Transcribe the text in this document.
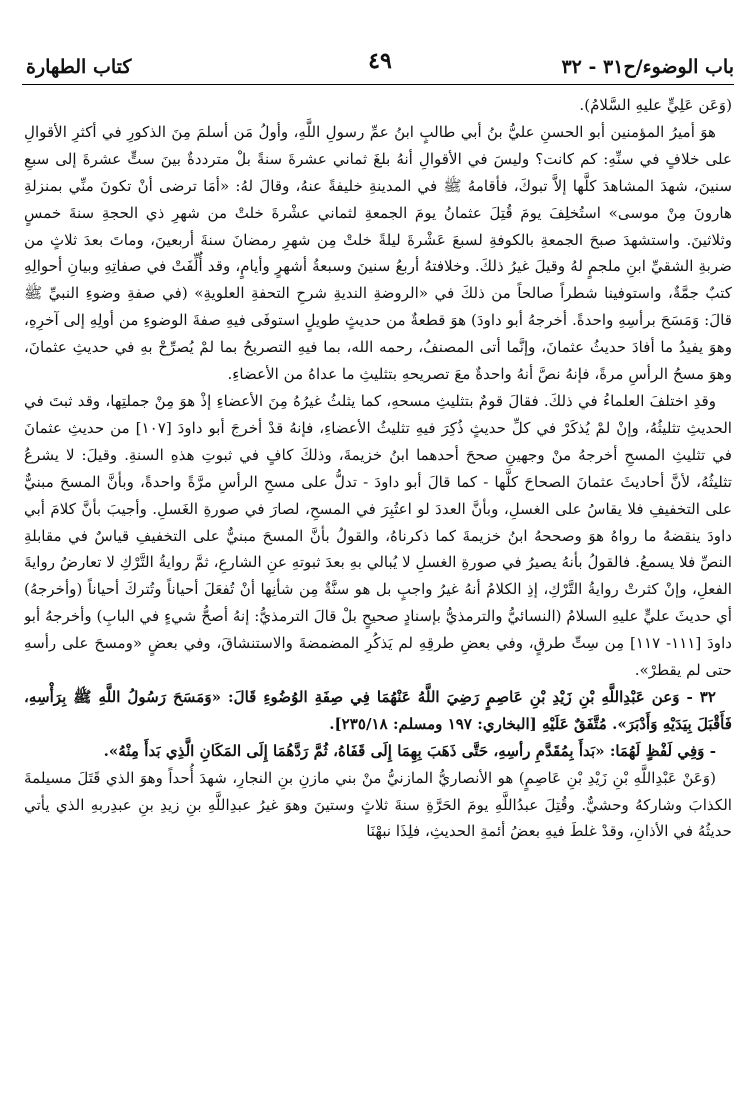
كتاب الطهارة	٤٩	باب الوضوء/ح٣١ - ٣٢

(وَعَن عَلِيٍّ عليهِ السَّلامُ).

هوَ أميرُ المؤمنين أبو الحسنِ عليُّ بنُ أبي طالبٍ ابنُ عمِّ رسولِ اللَّهِ، وأولُ مَن أسلمَ مِنَ الذكورِ في أكثرِ الأقوالِ على خلافٍ في سنِّهِ: كم كانت؟ وليسَ في الأقوالِ أنهُ بلغَ ثماني عشرةَ سنةً بلْ مترددةٌ بينَ ستٍّ عشرةَ إلى سبعِ سنينَ، شهدَ المشاهدَ كلَّها إلاَّ تبوكَ، فأقامهُ ﷺ في المدينةِ خليفةً عنهُ، وقالَ لهُ: «أمَا ترضى أنْ تكونَ منِّي بمنزلةِ هارونَ مِنْ موسى» استُخلِفَ يومَ قُتِلَ عثمانُ يومَ الجمعةِ لثماني عشْرةَ خلتْ من شهرِ ذي الحجةِ سنةَ خمسٍ وثلاثينَ. واستشهدَ صبحَ الجمعةِ بالكوفةِ لسبعَ عَشْرةَ ليلةً خلتْ مِن شهرِ رمضانَ سنةَ أربعينَ، وماتَ بعدَ ثلاثٍ من ضربةِ الشقيِّ ابنِ ملجمٍ لهُ وقيلَ غيرُ ذلكَ. وخلافتهُ أربعُ سنينَ وسبعةُ أشهرٍ وأيامٍ، وقد أُلِّفَتْ في صفاتِهِ وبيانِ أحوالِهِ كتبٌ جمَّةٌ، واستوفينا شطراً صالحاً من ذلكَ في «الروضةِ النديةِ شرحِ التحفةِ العلويةِ» (في صفةِ وضوءِ النبيِّ ﷺ قالَ: وَمَسَحَ برأسِهِ واحدةً. أخرجهُ أبو داودَ) هوَ قطعةٌ من حديثٍ طويلٍ استوفَى فيهِ صفةَ الوضوءِ من أولِهِ إلى آخرِهِ، وهوَ يفيدُ ما أفادَ حديثُ عثمانَ، وإنَّما أتى المصنفُ، رحمه الله، بما فيهِ التصريحُ بما لمْ يُصرِّحْ بهِ في حديثِ عثمانَ، وهوَ مسحُ الرأسِ مرةً، فإنهُ نصَّ أنهُ واحدةٌ معَ تصريحهِ بتثليثِ ما عداهُ من الأعضاءِ.

وقدِ اختلفَ العلماءُ في ذلكَ. فقالَ قومٌ بتثليثِ مسحهِ، كما يثلثُ غيرُهُ مِنَ الأعضاءِ إذْ هوَ مِنْ جملتِها، وقد ثبتَ في الحديثِ تثليثُهُ، وإنْ لمْ يُذكَرْ في كلِّ حديثٍ ذُكِرَ فيهِ تثليثُ الأعضاءِ، فإنهُ قدْ أخرجَ أبو داودَ [١٠٧] من حديثِ عثمانَ في تثليثِ المسحِ أخرجهُ منْ وجهينِ صححَ أحدهما ابنُ خزيمةَ، وذلكَ كافٍ في ثبوتِ هذهِ السنةِ. وقيلَ: لا يشرعُ تثليثُهُ، لأنَّ أحاديثَ عثمانَ الصحاحَ كلَّها - كما قالَ أبو داودَ - تدلُّ على مسحِ الرأسِ مرَّةً واحدةً، وبأنَّ المسحَ مبنيٌّ على التخفيفِ فلا يقاسُ على الغسلِ، وبأنَّ العددَ لو اعتُبِرَ في المسحِ، لصارَ في صورةِ الغَسلِ. وأجيبَ بأنَّ كلامَ أبي داودَ ينقضهُ ما رواهُ هوَ وصححهُ ابنُ خزيمةَ كما ذكرناهُ، والقولُ بأنَّ المسحَ مبنيٌّ على التخفيفِ قياسٌ في مقابلةِ النصِّ فلا يسمعُ. فالقولُ بأنهُ يصيرُ في صورةِ الغسلِ لا يُبالي بهِ بعدَ ثبوتهِ عنِ الشارعِ، ثمَّ روايةُ التَّرْكِ لا تعارضُ روايةَ الفعلِ، وإنْ كثرتْ روايةُ التَّرْكِ، إذِ الكلامُ أنهُ غيرُ واجبٍ بل هو سنَّةٌ مِن شأنِها أنْ تُفعَلَ أحياناً وتُتركَ أحياناً (وأخرجهُ) أي حديثَ عليٍّ عليهِ السلامُ (النسائيُّ والترمذيُّ بإسنادٍ صحيحٍ بلْ قالَ الترمذيُّ: إنهُ أصحُّ شيءٍ في البابِ) وأخرجهُ أبو داودَ [١١١- ١١٧] مِن سِتِّ طرقٍ، وفي بعضِ طرقِهِ لم يَذكُرِ المضمضةَ والاستنشاقَ، وفي بعضٍ «ومسحَ على رأسهِ حتى لم يقطرْ».

٣٢ - وَعن عَبْدِاللَّهِ بْنِ زَيْدِ بْنِ عَاصِمٍ رَضِيَ اللَّهُ عَنْهُمَا فِي صِفَةِ الوُضُوءِ قَالَ: «وَمَسَحَ رَسُولُ اللَّهِ ﷺ بِرَأْسِهِ، فَأَقْبَلَ بِيَدَيْهِ وَأَدْبَرَ». مُتَّفَقٌ عَلَيْهِ [البخاري: ١٩٧ ومسلم: ٢٣٥/١٨].

- وَفِي لَفْظٍ لَهُمَا: «بَدأَ بِمُقَدَّمِ رأسِهِ، حَتَّى ذَهَبَ بِهِمَا إِلَى قَفَاهُ، ثُمَّ رَدَّهُمَا إِلَى المَكَانِ الَّذِي بَدأَ مِنْهُ».

(وَعَنْ عَبْدِاللَّهِ بْنِ زَيْدِ بْنِ عَاصِمٍ) هو الأنصاريُّ المازنيُّ منْ بني مازنِ بنِ النجارِ، شهدَ أُحداً وهوَ الذي قَتَلَ مسيلمةَ الكذابَ وشاركهُ وحشيٌّ. وقُتِلَ عبدُاللَّهِ يومَ الحَرَّةِ سنةَ ثلاثٍ وستينَ وهوَ غيرُ عبدِاللَّهِ بنِ زيدِ بنِ عبدِربهِ الذي يأتي حديثُهُ في الأذانِ، وقدْ غلطَ فيهِ بعضُ أئمةِ الحديثِ، فلِذَا نبهْنَا
